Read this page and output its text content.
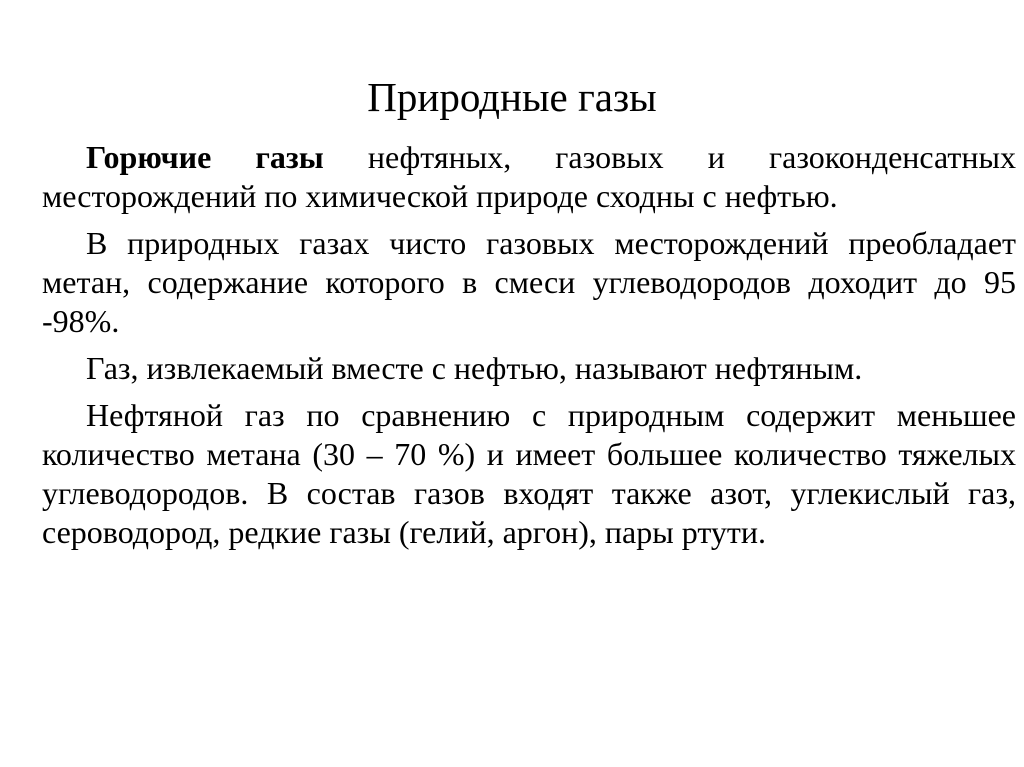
Природные газы

Горючие газы нефтяных, газовых и газоконденсатных месторождений по химической природе сходны с нефтью.

В природных газах чисто газовых месторождений преобладает метан, содержание которого в смеси углеводородов доходит до 95 -98%.

Газ, извлекаемый вместе с нефтью, называют нефтяным.

Нефтяной газ по сравнению с природным содержит меньшее количество метана (30 – 70 %) и имеет большее количество тяжелых углеводородов. В состав газов входят также азот, углекислый газ, сероводород, редкие газы (гелий, аргон), пары ртути.
